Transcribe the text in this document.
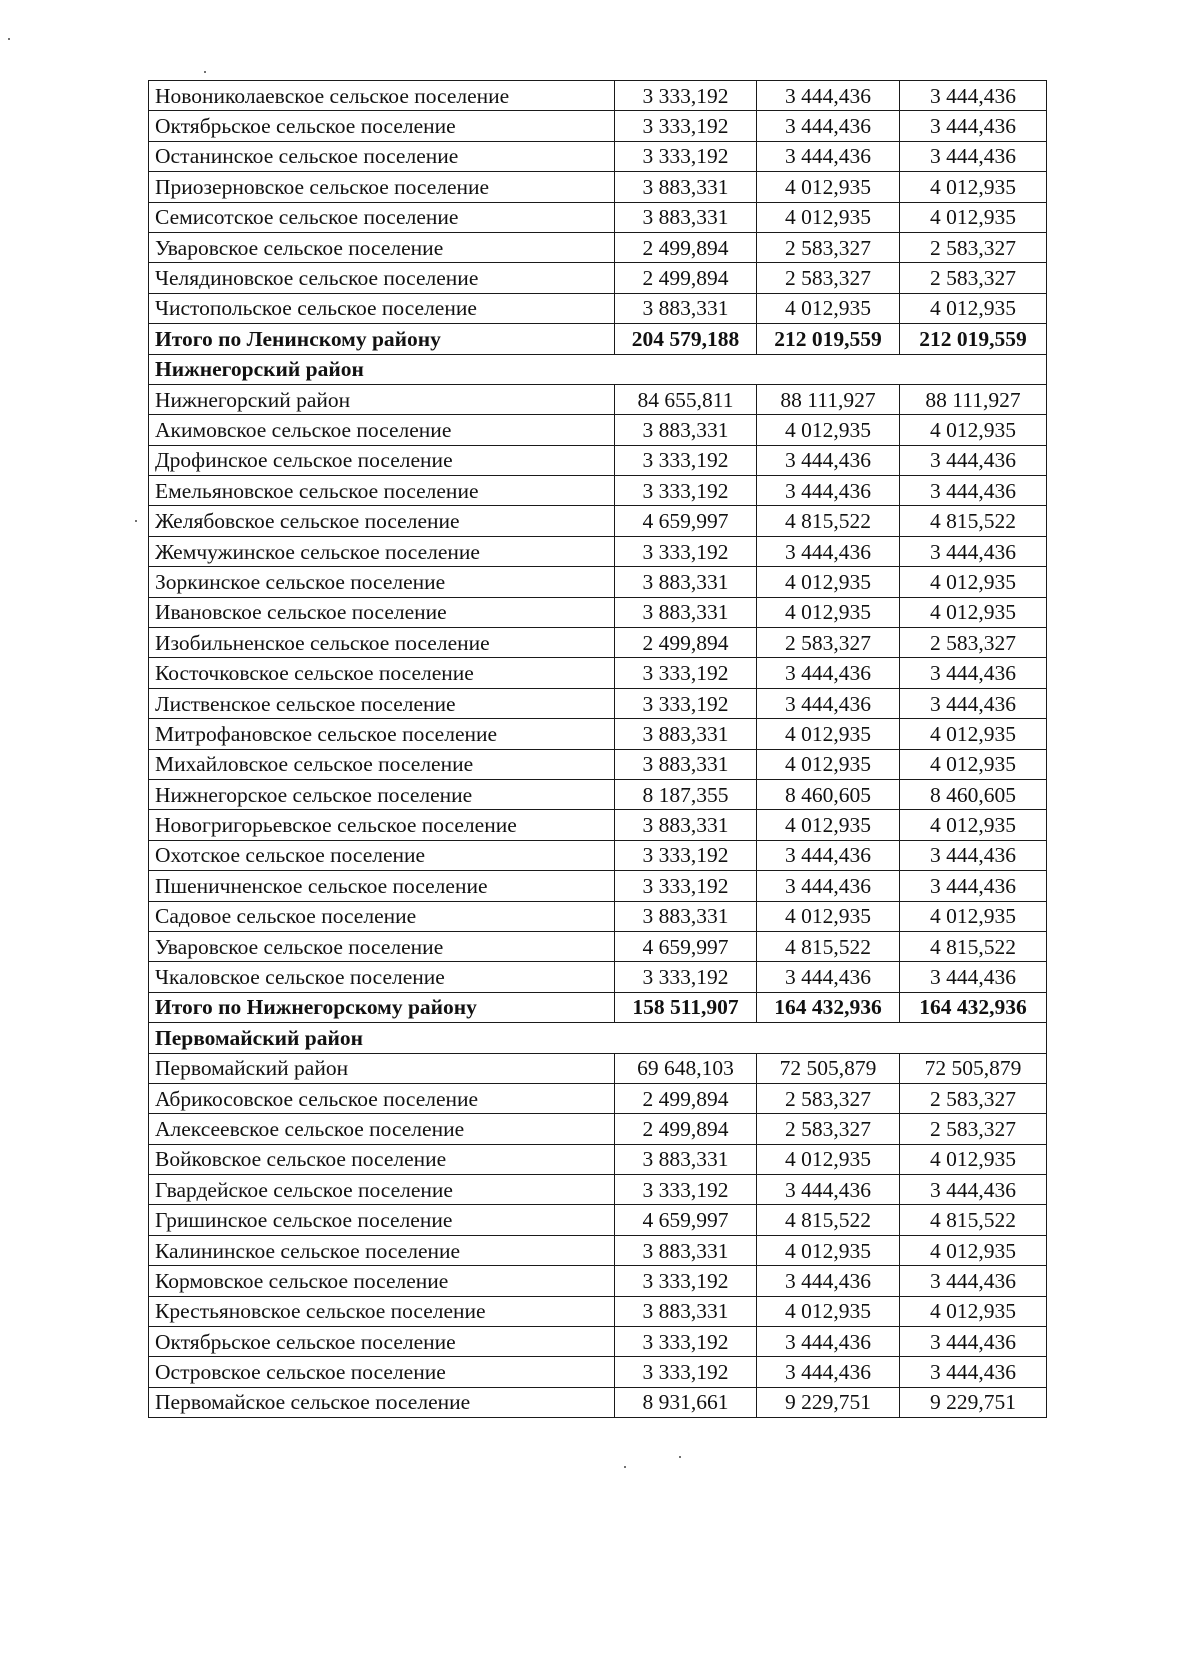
Новониколаевское сельское поселение	3 333,192	3 444,436	3 444,436
Октябрьское сельское поселение	3 333,192	3 444,436	3 444,436
Останинское сельское поселение	3 333,192	3 444,436	3 444,436
Приозерновское сельское поселение	3 883,331	4 012,935	4 012,935
Семисотское сельское поселение	3 883,331	4 012,935	4 012,935
Уваровское сельское поселение	2 499,894	2 583,327	2 583,327
Челядиновское сельское поселение	2 499,894	2 583,327	2 583,327
Чистопольское сельское поселение	3 883,331	4 012,935	4 012,935
Итого по Ленинскому району	204 579,188	212 019,559	212 019,559
Нижнегорский район			
Нижнегорский район	84 655,811	88 111,927	88 111,927
Акимовское сельское поселение	3 883,331	4 012,935	4 012,935
Дрофинское сельское поселение	3 333,192	3 444,436	3 444,436
Емельяновское сельское поселение	3 333,192	3 444,436	3 444,436
Желябовское сельское поселение	4 659,997	4 815,522	4 815,522
Жемчужинское сельское поселение	3 333,192	3 444,436	3 444,436
Зоркинское сельское поселение	3 883,331	4 012,935	4 012,935
Ивановское сельское поселение	3 883,331	4 012,935	4 012,935
Изобильненское сельское поселение	2 499,894	2 583,327	2 583,327
Косточковское сельское поселение	3 333,192	3 444,436	3 444,436
Лиственское сельское поселение	3 333,192	3 444,436	3 444,436
Митрофановское сельское поселение	3 883,331	4 012,935	4 012,935
Михайловское сельское поселение	3 883,331	4 012,935	4 012,935
Нижнегорское сельское поселение	8 187,355	8 460,605	8 460,605
Новогригорьевское сельское поселение	3 883,331	4 012,935	4 012,935
Охотское сельское поселение	3 333,192	3 444,436	3 444,436
Пшеничненское сельское поселение	3 333,192	3 444,436	3 444,436
Садовое сельское поселение	3 883,331	4 012,935	4 012,935
Уваровское сельское поселение	4 659,997	4 815,522	4 815,522
Чкаловское сельское поселение	3 333,192	3 444,436	3 444,436
Итого по Нижнегорскому району	158 511,907	164 432,936	164 432,936
Первомайский район			
Первомайский район	69 648,103	72 505,879	72 505,879
Абрикосовское сельское поселение	2 499,894	2 583,327	2 583,327
Алексеевское сельское поселение	2 499,894	2 583,327	2 583,327
Войковское сельское поселение	3 883,331	4 012,935	4 012,935
Гвардейское сельское поселение	3 333,192	3 444,436	3 444,436
Гришинское сельское поселение	4 659,997	4 815,522	4 815,522
Калининское сельское поселение	3 883,331	4 012,935	4 012,935
Кормовское сельское поселение	3 333,192	3 444,436	3 444,436
Крестьяновское сельское поселение	3 883,331	4 012,935	4 012,935
Октябрьское сельское поселение	3 333,192	3 444,436	3 444,436
Островское сельское поселение	3 333,192	3 444,436	3 444,436
Первомайское сельское поселение	8 931,661	9 229,751	9 229,751
